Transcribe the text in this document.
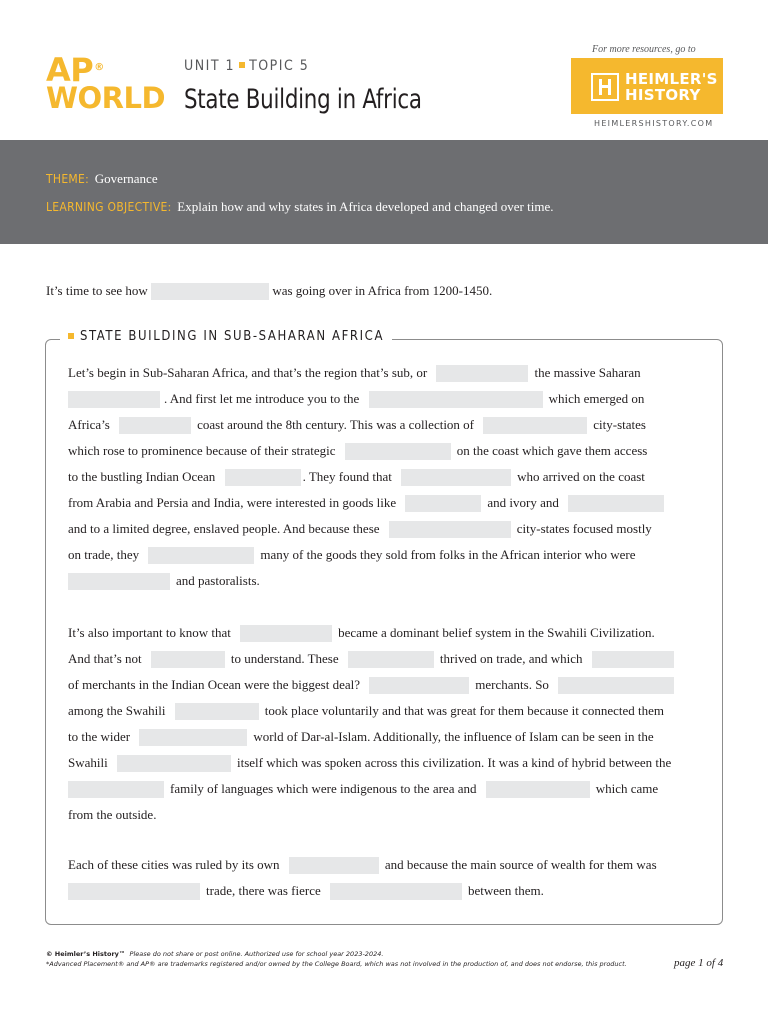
AP®
WORLD
UNIT 1 TOPIC 5
State Building in Africa
For more resources, go to
HEIMLER'S
HISTORY
HEIMLERSHISTORY.COM
THEME: Governance
LEARNING OBJECTIVE: Explain how and why states in Africa developed and changed over time.
It’s time to see how	was going over in Africa from 1200-1450.
STATE BUILDING IN SUB-SAHARAN AFRICA
Let’s begin in Sub-Saharan Africa, and that’s the region that’s sub, or	the massive Saharan
. And first let me introduce you to the	which emerged on
Africa’s	coast around the 8th century. This was a collection of	city-states
which rose to prominence because of their strategic	on the coast which gave them access
to the bustling Indian Ocean	. They found that	who arrived on the coast
from Arabia and Persia and India, were interested in goods like	and ivory and
and to a limited degree, enslaved people. And because these	city-states focused mostly
on trade, they	many of the goods they sold from folks in the African interior who were
and pastoralists.
It’s also important to know that	became a dominant belief system in the Swahili Civilization.
And that’s not	to understand. These	thrived on trade, and which
of merchants in the Indian Ocean were the biggest deal?	merchants. So
among the Swahili	took place voluntarily and that was great for them because it connected them
to the wider	world of Dar-al-Islam. Additionally, the influence of Islam can be seen in the
Swahili	itself which was spoken across this civilization. It was a kind of hybrid between the
family of languages which were indigenous to the area and	which came
from the outside.
Each of these cities was ruled by its own	and because the main source of wealth for them was
trade, there was fierce	between them.
© Heimler’s History™ Please do not share or post online. Authorized use for school year 2023-2024.
*Advanced Placement® and AP® are trademarks registered and/or owned by the College Board, which was not involved in the production of, and does not endorse, this product.	page 1 of 4
